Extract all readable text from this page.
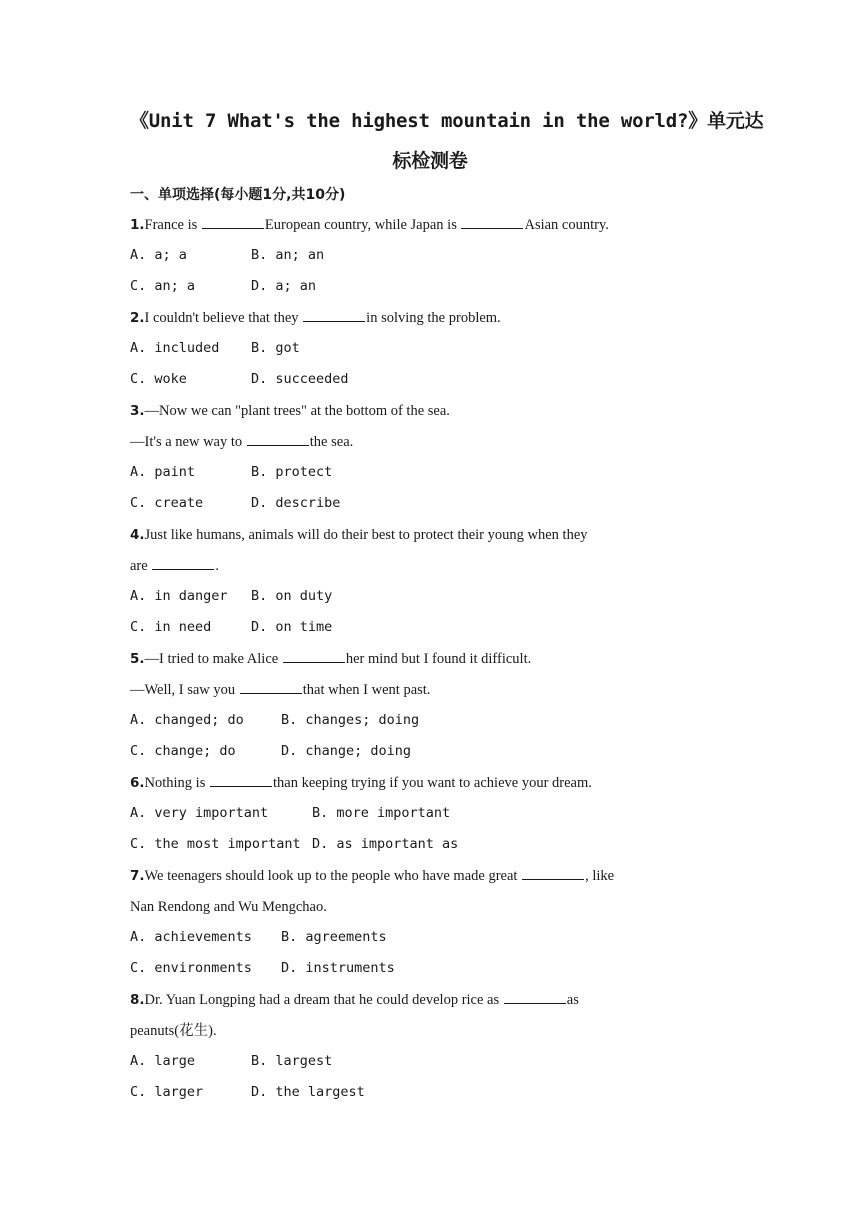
《Unit 7 What's the highest mountain in the world?》单元达
标检测卷
一、单项选择(每小题1分,共10分)
1.France is	European country, while Japan is	Asian country.
A. a; a	B. an; an
C. an; a	D. a; an
2.I couldn't believe that they	in solving the problem.
A. included B. got
C. woke	D. succeeded
3.—Now we can "plant trees" at the bottom of the sea.
—It's a new way to	the sea.
A. paint	B. protect
C. create	D. describe
4.Just like humans, animals will do their best to protect their young when they
are	.
A. in danger B. on duty
C. in need	D. on time
5.—I tried to make Alice	her mind but I found it difficult.
—Well, I saw you	that when I went past.
A. changed; do	B. changes; doing
C. change; do	D. change; doing
6.Nothing is	than keeping trying if you want to achieve your dream.
A. very important	B. more important
C. the most important D. as important as
7.We teenagers should look up to the people who have made great	, like
Nan Rendong and Wu Mengchao.
A. achievements B. agreements
C. environments D. instruments
8.Dr. Yuan Longping had a dream that he could develop rice as	as
peanuts(花生).
A. large	B. largest
C. larger	D. the largest
